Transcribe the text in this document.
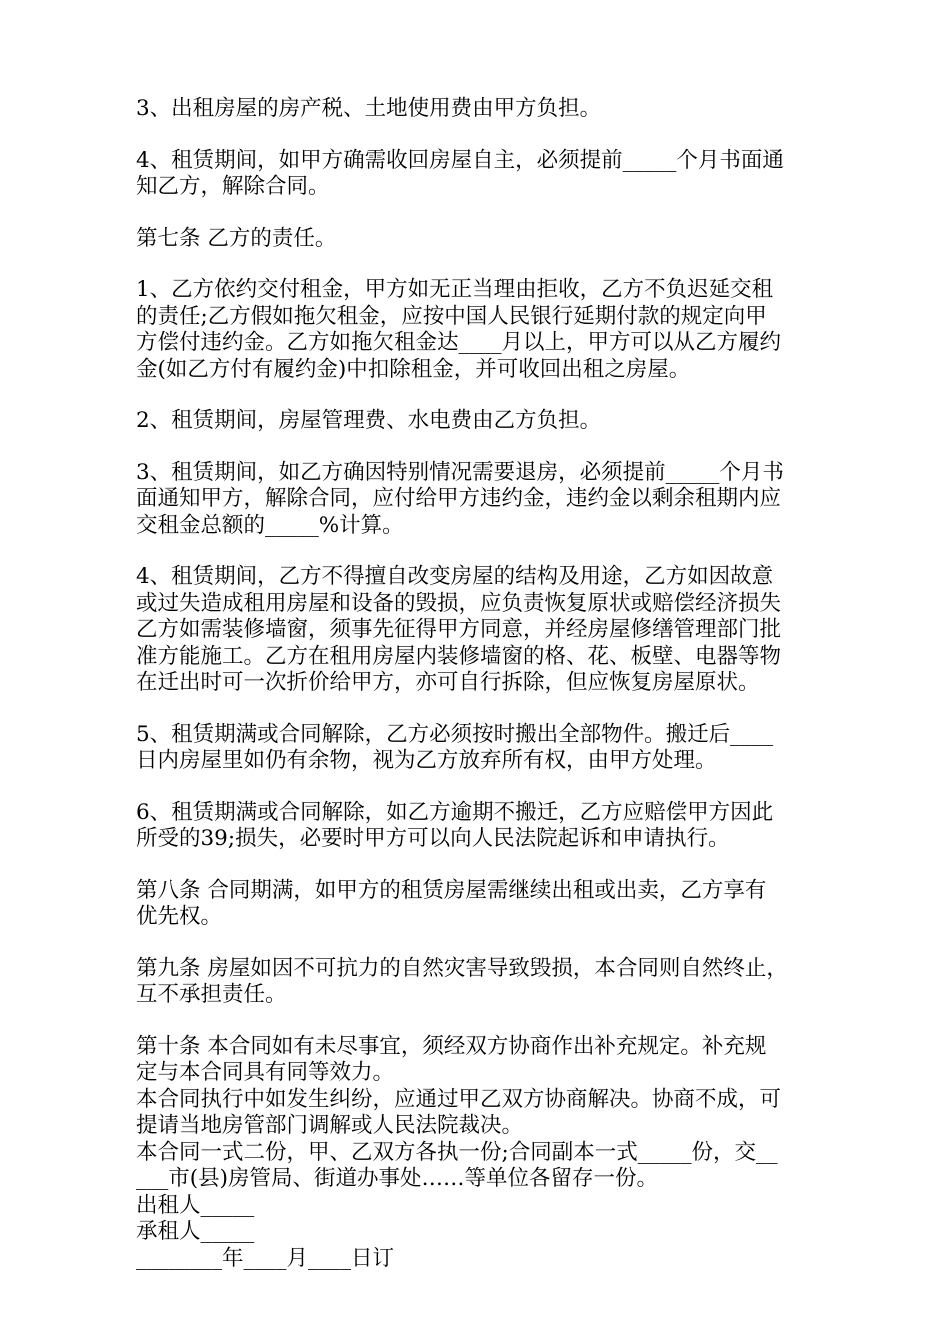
3、出租房屋的房产税、土地使用费由甲方负担。
4、租赁期间，如甲方确需收回房屋自主，必须提前_____个月书面通
知乙方，解除合同。
第七条 乙方的责任。
1、乙方依约交付租金，甲方如无正当理由拒收，乙方不负迟延交租
的责任;乙方假如拖欠租金，应按中国人民银行延期付款的规定向甲
方偿付违约金。乙方如拖欠租金达____月以上，甲方可以从乙方履约
金(如乙方付有履约金)中扣除租金，并可收回出租之房屋。
2、租赁期间，房屋管理费、水电费由乙方负担。
3、租赁期间，如乙方确因特别情况需要退房，必须提前_____个月书
面通知甲方，解除合同，应付给甲方违约金，违约金以剩余租期内应
交租金总额的_____%计算。
4、租赁期间，乙方不得擅自改变房屋的结构及用途，乙方如因故意
或过失造成租用房屋和设备的毁损，应负责恢复原状或赔偿经济损失
乙方如需装修墙窗，须事先征得甲方同意，并经房屋修缮管理部门批
准方能施工。乙方在租用房屋内装修墙窗的格、花、板壁、电器等物
在迁出时可一次折价给甲方，亦可自行拆除，但应恢复房屋原状。
5、租赁期满或合同解除，乙方必须按时搬出全部物件。搬迁后____
日内房屋里如仍有余物，视为乙方放弃所有权，由甲方处理。
6、租赁期满或合同解除，如乙方逾期不搬迁，乙方应赔偿甲方因此
所受的39;损失，必要时甲方可以向人民法院起诉和申请执行。
第八条 合同期满，如甲方的租赁房屋需继续出租或出卖，乙方享有
优先权。
第九条 房屋如因不可抗力的自然灾害导致毁损，本合同则自然终止，
互不承担责任。
第十条 本合同如有未尽事宜，须经双方协商作出补充规定。补充规
定与本合同具有同等效力。
本合同执行中如发生纠纷，应通过甲乙双方协商解决。协商不成，可
提请当地房管部门调解或人民法院裁决。
本合同一式二份，甲、乙双方各执一份;合同副本一式_____份，交__
___市(县)房管局、街道办事处……等单位各留存一份。
出租人_____
承租人_____
________年____月____日订
